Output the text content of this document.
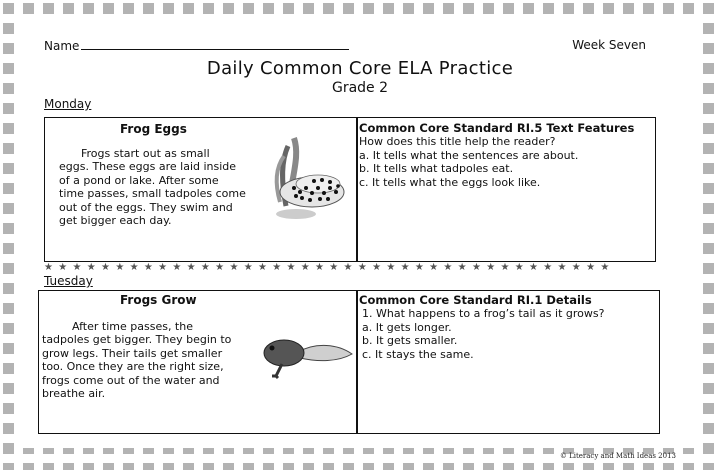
Name	Week Seven
Daily Common Core ELA Practice
Grade 2
Monday
Frog Eggs
Frogs start out as small
eggs. These eggs are laid inside
of a pond or lake. After some
time passes, small tadpoles come
out of the eggs. They swim and
get bigger each day.
Common Core Standard RI.5 Text Features
How does this title help the reader?
a. It tells what the sentences are about.
b. It tells what tadpoles eat.
c. It tells what the eggs look like.
★★★★★★★★★★★★★★★★★★★★★★★★★★★★★★★★★★★★★★★★
Tuesday
Frogs Grow
After time passes, the
tadpoles get bigger. They begin to
grow legs. Their tails get smaller
too. Once they are the right size,
frogs come out of the water and
breathe air.
Common Core Standard RI.1 Details
1. What happens to a frog’s tail as it grows?
a. It gets longer.
b. It gets smaller.
c. It stays the same.
© Literacy and Math Ideas 2013
